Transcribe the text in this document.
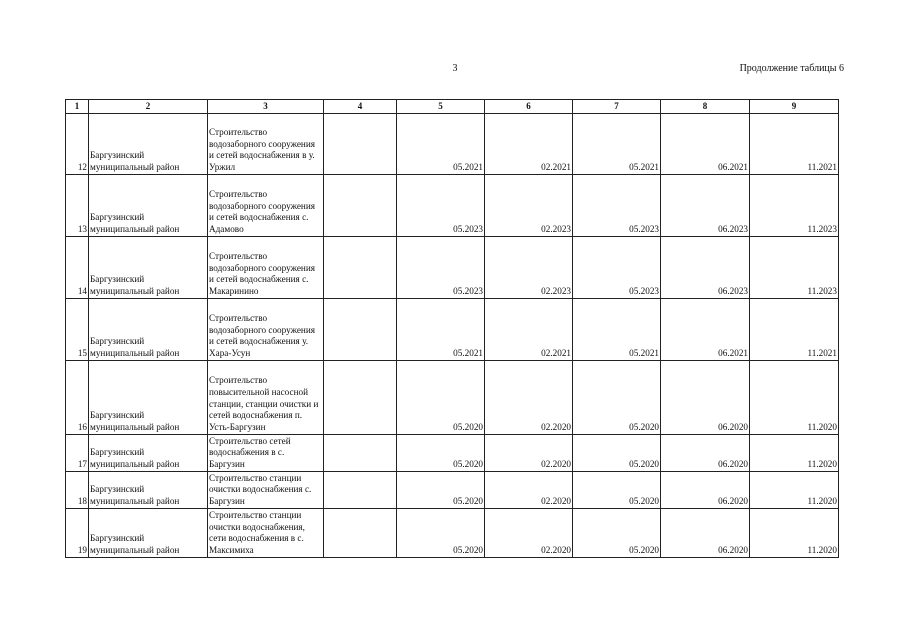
3	Продолжение таблицы 6
1	2	3	4	5	6	7	8	9
12	Баргузинский муниципальный район	Строительство водозаборного сооружения и сетей водоснабжения в у. Уржил		05.2021	02.2021	05.2021	06.2021	11.2021
13	Баргузинский муниципальный район	Строительство водозаборного сооружения и сетей водоснабжения с. Адамово		05.2023	02.2023	05.2023	06.2023	11.2023
14	Баргузинский муниципальный район	Строительство водозаборного сооружения и сетей водоснабжения с. Макаринино		05.2023	02.2023	05.2023	06.2023	11.2023
15	Баргузинский муниципальный район	Строительство водозаборного сооружения и сетей водоснабжения у. Хара-Усун		05.2021	02.2021	05.2021	06.2021	11.2021
16	Баргузинский муниципальный район	Строительство повысительной насосной станции, станции очистки и сетей водоснабжения п. Усть-Баргузин		05.2020	02.2020	05.2020	06.2020	11.2020
17	Баргузинский муниципальный район	Строительство сетей водоснабжения в с. Баргузин		05.2020	02.2020	05.2020	06.2020	11.2020
18	Баргузинский муниципальный район	Строительство станции очистки водоснабжения с. Баргузин		05.2020	02.2020	05.2020	06.2020	11.2020
19	Баргузинский муниципальный район	Строительство станции очистки водоснабжения, сети водоснабжения в с. Максимиха		05.2020	02.2020	05.2020	06.2020	11.2020
